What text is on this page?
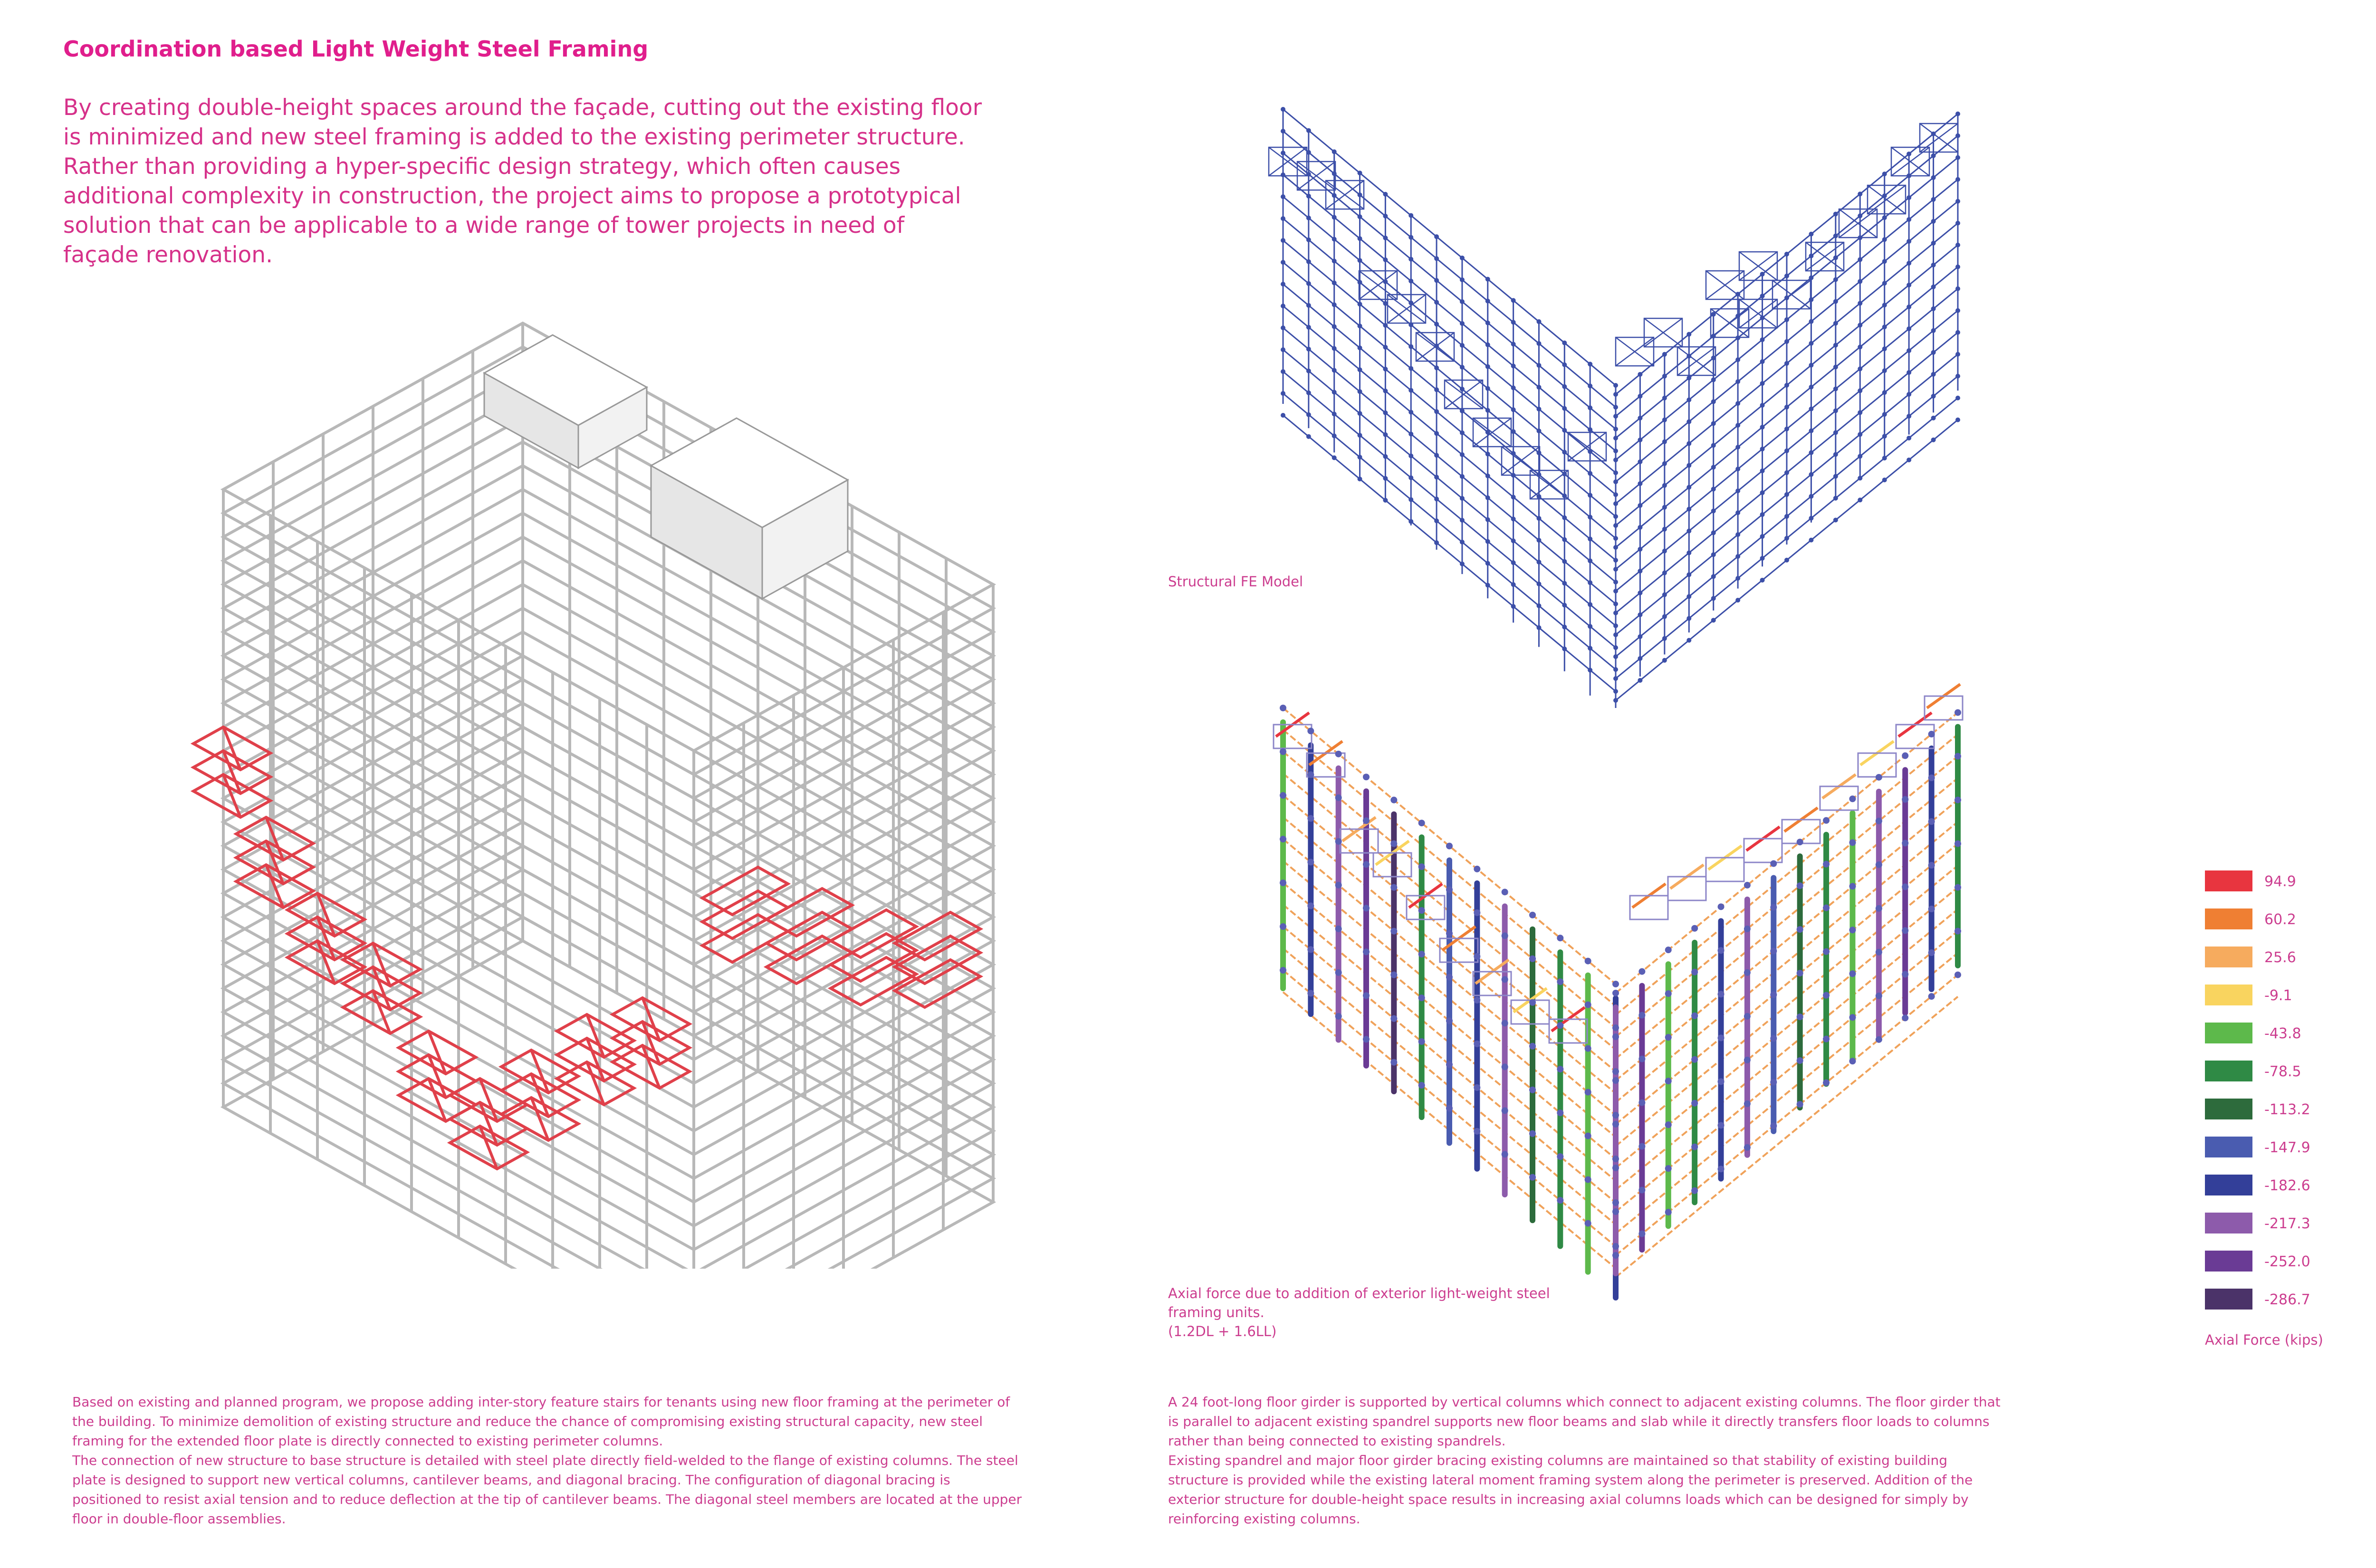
Coordination based Light Weight Steel Framing
By creating double-height spaces around the façade, cutting out the existing floor is minimized and new steel framing is added to the existing perimeter structure. Rather than providing a hyper-specific design strategy, which often causes additional complexity in construction, the project aims to propose a prototypical solution that can be applicable to a wide range of tower projects in need of façade renovation.
Structural FE Model
Axial force due to addition of exterior light-weight steel
framing units.
(1.2DL + 1.6LL)
94.9
60.2
25.6
-9.1
-43.8
-78.5
-113.2
-147.9
-182.6
-217.3
-252.0
-286.7
Axial Force (kips)

Based on existing and planned program, we propose adding inter-story feature stairs for tenants using new floor framing at the perimeter of the building. To minimize demolition of existing structure and reduce the chance of compromising existing structural capacity, new steel framing for the extended floor plate is directly connected to existing perimeter columns.

The connection of new structure to base structure is detailed with steel plate directly field-welded to the flange of existing columns. The steel plate is designed to support new vertical columns, cantilever beams, and diagonal bracing. The configuration of diagonal bracing is positioned to resist axial tension and to reduce deflection at the tip of cantilever beams. The diagonal steel members are located at the upper floor in double-floor assemblies.

A 24 foot-long floor girder is supported by vertical columns which connect to adjacent existing columns. The floor girder that is parallel to adjacent existing spandrel supports new floor beams and slab while it directly transfers floor loads to columns rather than being connected to existing spandrels.

Existing spandrel and major floor girder bracing existing columns are maintained so that stability of existing building structure is provided while the existing lateral moment framing system along the perimeter is preserved. Addition of the exterior structure for double-height space results in increasing axial columns loads which can be designed for simply by reinforcing existing columns.
